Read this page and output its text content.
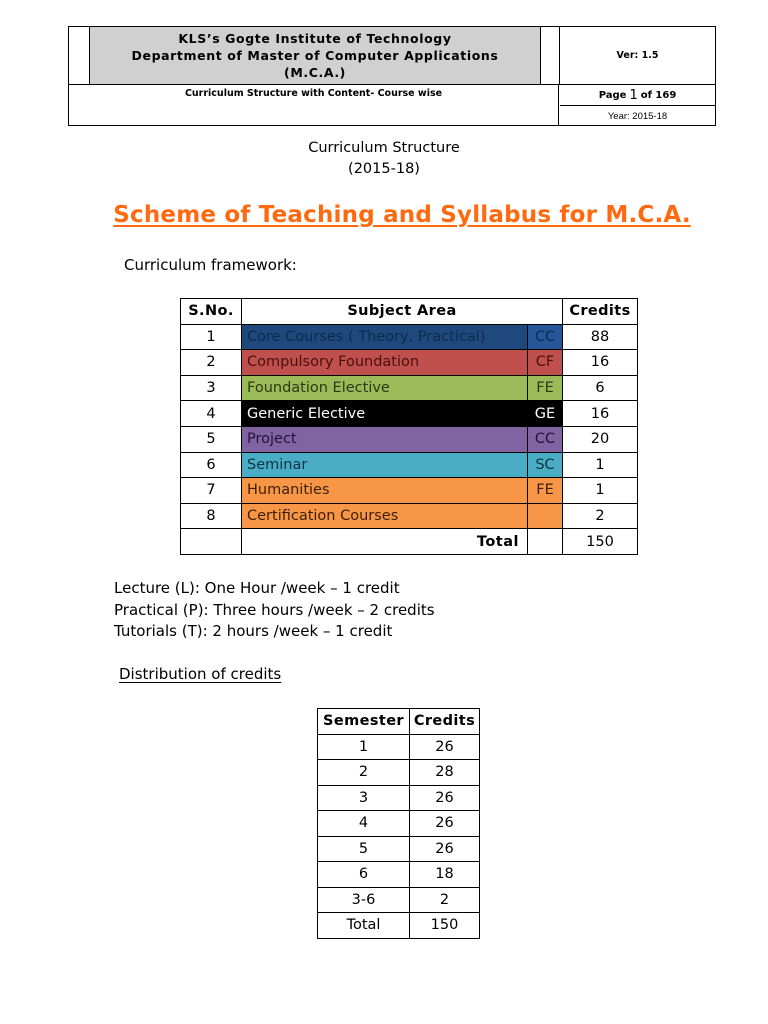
KLS’s Gogte Institute of Technology
Department of Master of Computer Applications
(M.C.A.)
Ver: 1.5
Curriculum Structure with Content- Course wise	Page 1 of 169
Year: 2015-18
Curriculum Structure
(2015-18)
Scheme of Teaching and Syllabus for M.C.A.
Curriculum framework:
S.No.	Subject Area		Credits
1	Core Courses ( Theory, Practical)	CC	88
2	Compulsory Foundation	CF	16
3	Foundation Elective	FE	6
4	Generic Elective	GE	16
5	Project	CC	20
6	Seminar	SC	1
7	Humanities	FE	1
8	Certification Courses		2
	Total		150
Lecture (L): One Hour /week – 1 credit
Practical (P): Three hours /week – 2 credits
Tutorials (T): 2 hours /week – 1 credit
Distribution of credits
Semester	Credits
1	26
2	28
3	26
4	26
5	26
6	18
3-6	2
Total	150
